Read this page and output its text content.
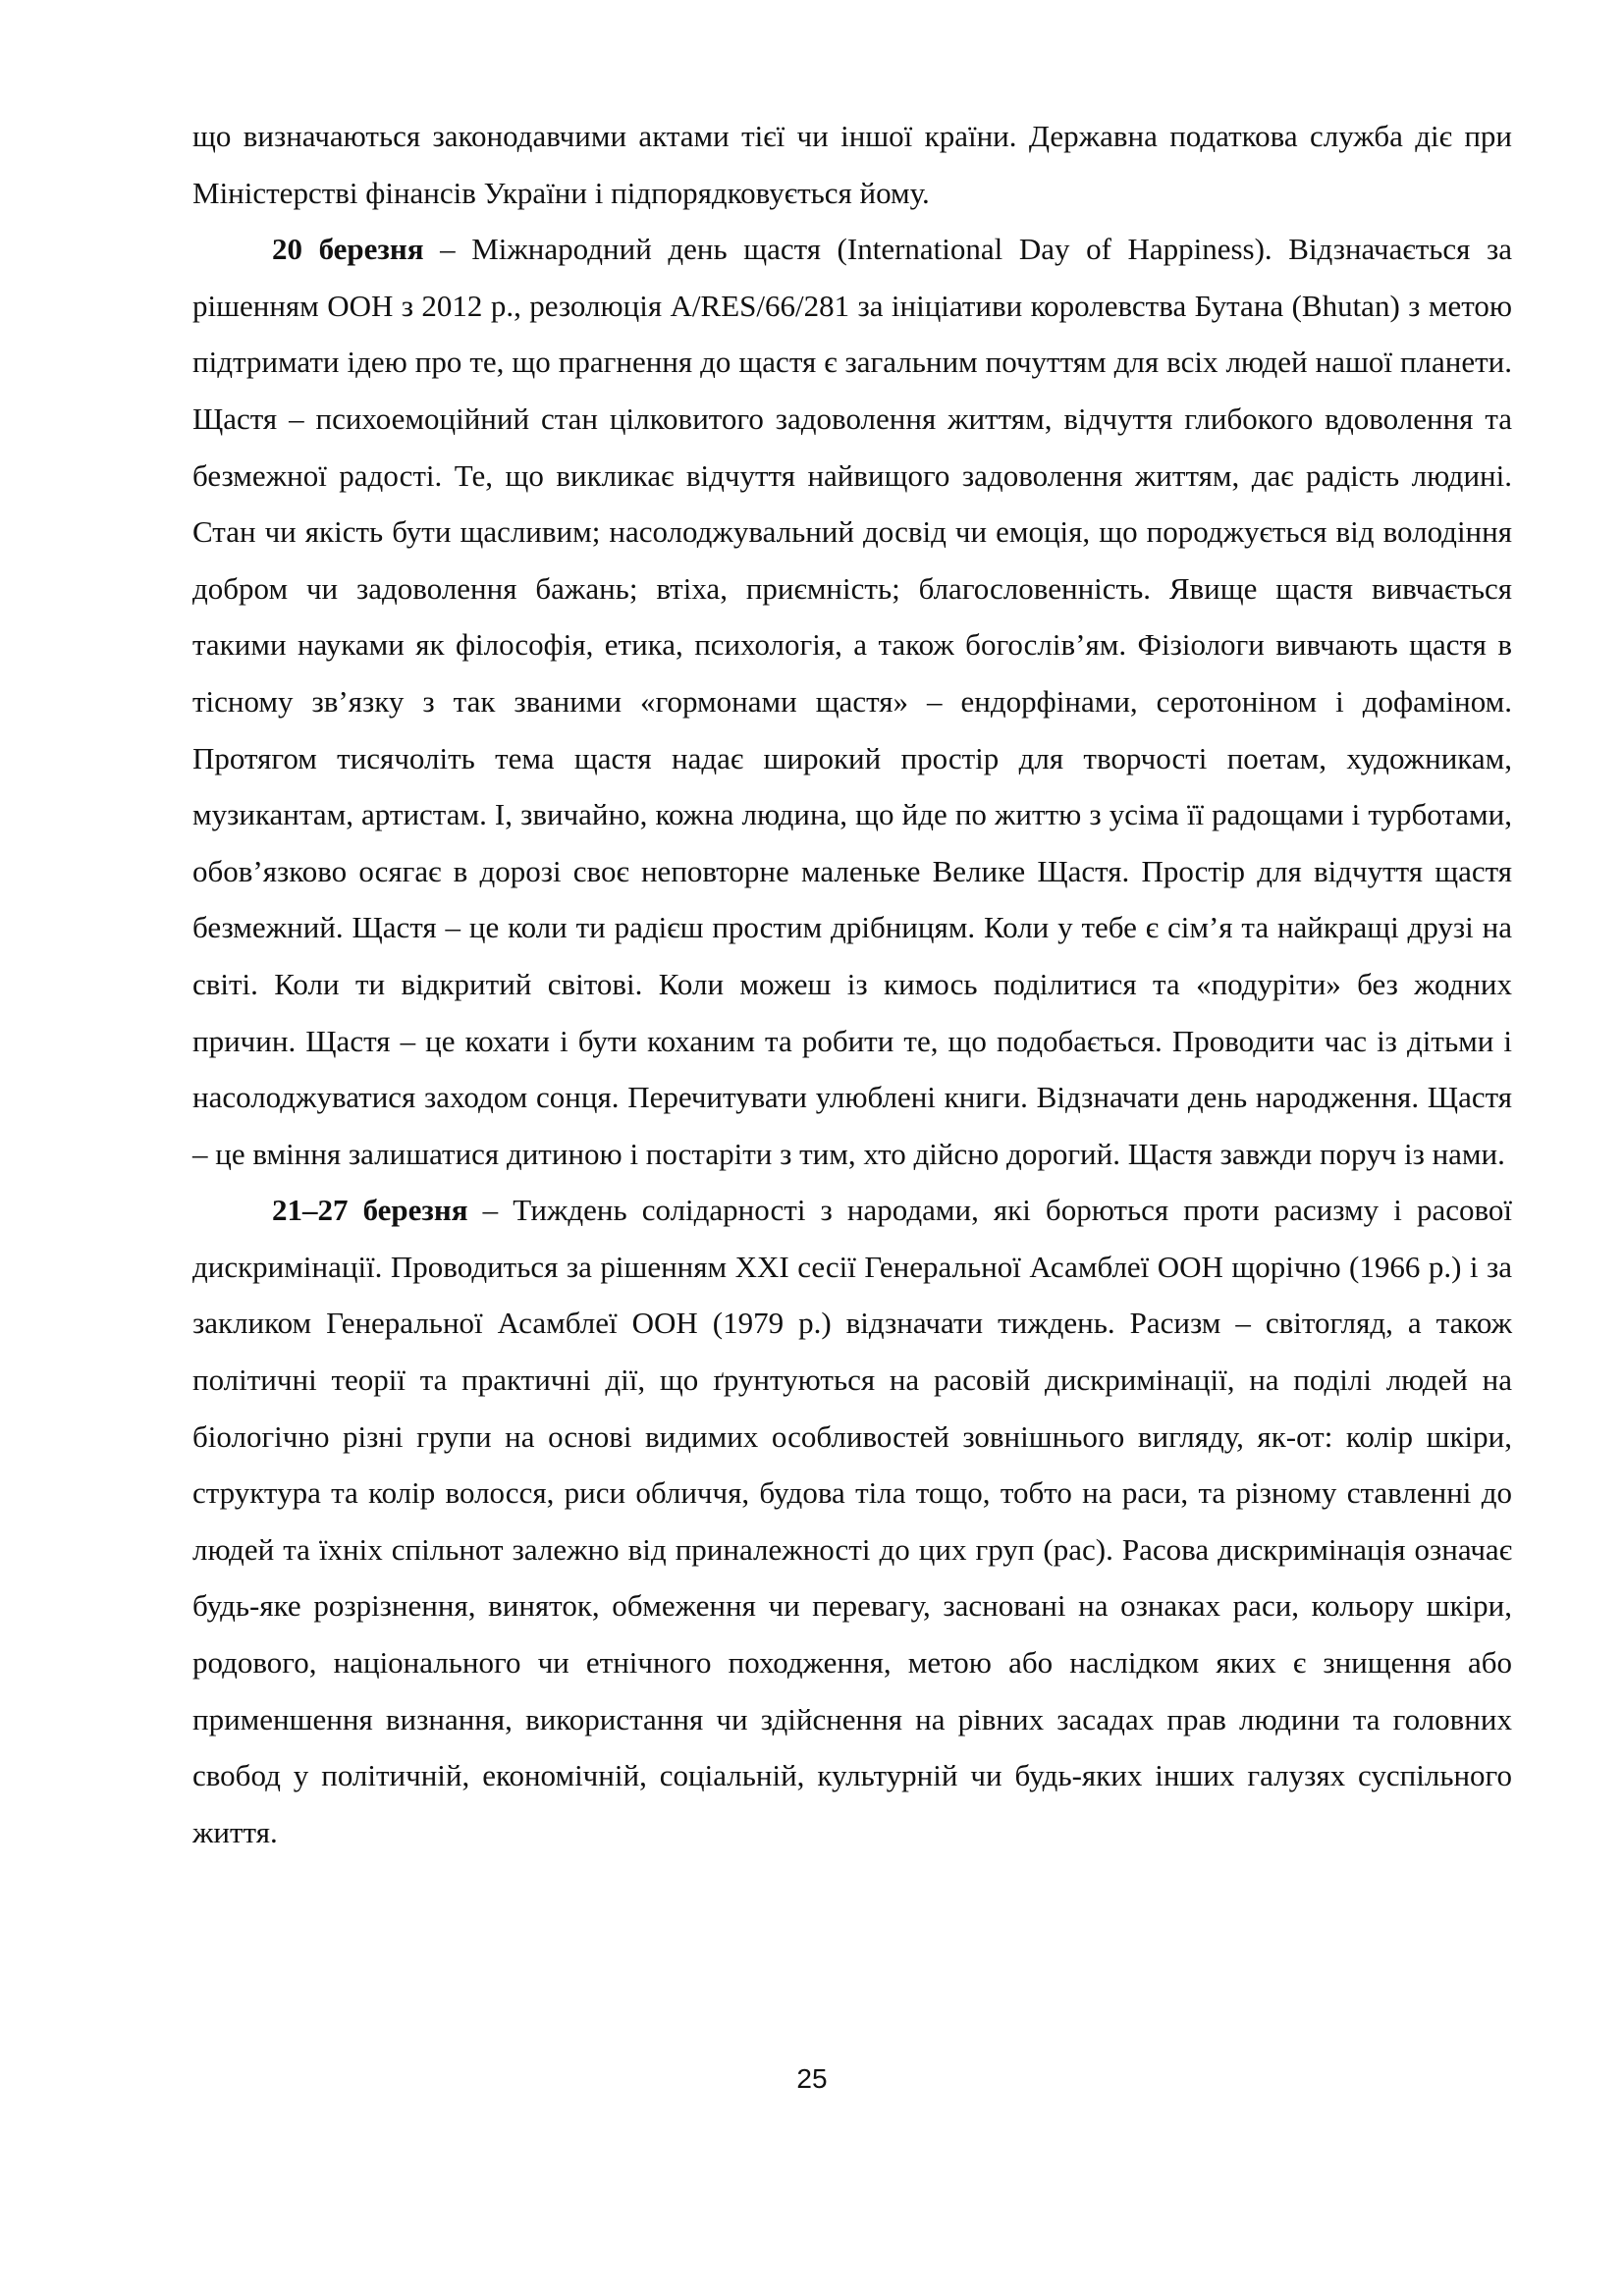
що визначаються законодавчими актами тієї чи іншої країни. Державна податкова служба діє при Міністерстві фінансів України і підпорядковується йому.

20 березня – Міжнародний день щастя (International Day of Happiness). Відзначається за рішенням ООН з 2012 р., резолюція A/RES/66/281 за ініціативи королевства Бутана (Bhutan) з метою підтримати ідею про те, що прагнення до щастя є загальним почуттям для всіх людей нашої планети. Щастя – психоемоційний стан цілковитого задоволення життям, відчуття глибокого вдоволення та безмежної радості. Те, що викликає відчуття найвищого задоволення життям, дає радість людині. Стан чи якість бути щасливим; насолоджувальний досвід чи емоція, що породжується від володіння добром чи задоволення бажань; втіха, приємність; благословенність. Явище щастя вивчається такими науками як філософія, етика, психологія, а також богослів’ям. Фізіологи вивчають щастя в тісному зв’язку з так званими «гормонами щастя» – ендорфінами, серотоніном і дофаміном. Протягом тисячоліть тема щастя надає широкий простір для творчості поетам, художникам, музикантам, артистам. І, звичайно, кожна людина, що йде по життю з усіма її радощами і турботами, обов’язково осягає в дорозі своє неповторне маленьке Велике Щастя. Простір для відчуття щастя безмежний. Щастя – це коли ти радієш простим дрібницям. Коли у тебе є сім’я та найкращі друзі на світі. Коли ти відкритий світові. Коли можеш із кимось поділитися та «подуріти» без жодних причин. Щастя – це кохати і бути коханим та робити те, що подобається. Проводити час із дітьми і насолоджуватися заходом сонця. Перечитувати улюблені книги. Відзначати день народження. Щастя – це вміння залишатися дитиною і постаріти з тим, хто дійсно дорогий. Щастя завжди поруч із нами.

21–27 березня – Тиждень солідарності з народами, які борються проти расизму і расової дискримінації. Проводиться за рішенням XXI сесії Генеральної Асамблеї ООН щорічно (1966 р.) і за закликом Генеральної Асамблеї ООН (1979 р.) відзначати тиждень. Расизм – світогляд, а також політичні теорії та практичні дії, що ґрунтуються на расовій дискримінації, на поділі людей на біологічно різні групи на основі видимих особливостей зовнішнього вигляду, як-от: колір шкіри, структура та колір волосся, риси обличчя, будова тіла тощо, тобто на раси, та різному ставленні до людей та їхніх спільнот залежно від приналежності до цих груп (рас). Расова дискримінація означає будь-яке розрізнення, виняток, обмеження чи перевагу, засновані на ознаках раси, кольору шкіри, родового, національного чи етнічного походження, метою або наслідком яких є знищення або применшення визнання, використання чи здійснення на рівних засадах прав людини та головних свобод у політичній, економічній, соціальній, культурній чи будь-яких інших галузях суспільного життя.

25
